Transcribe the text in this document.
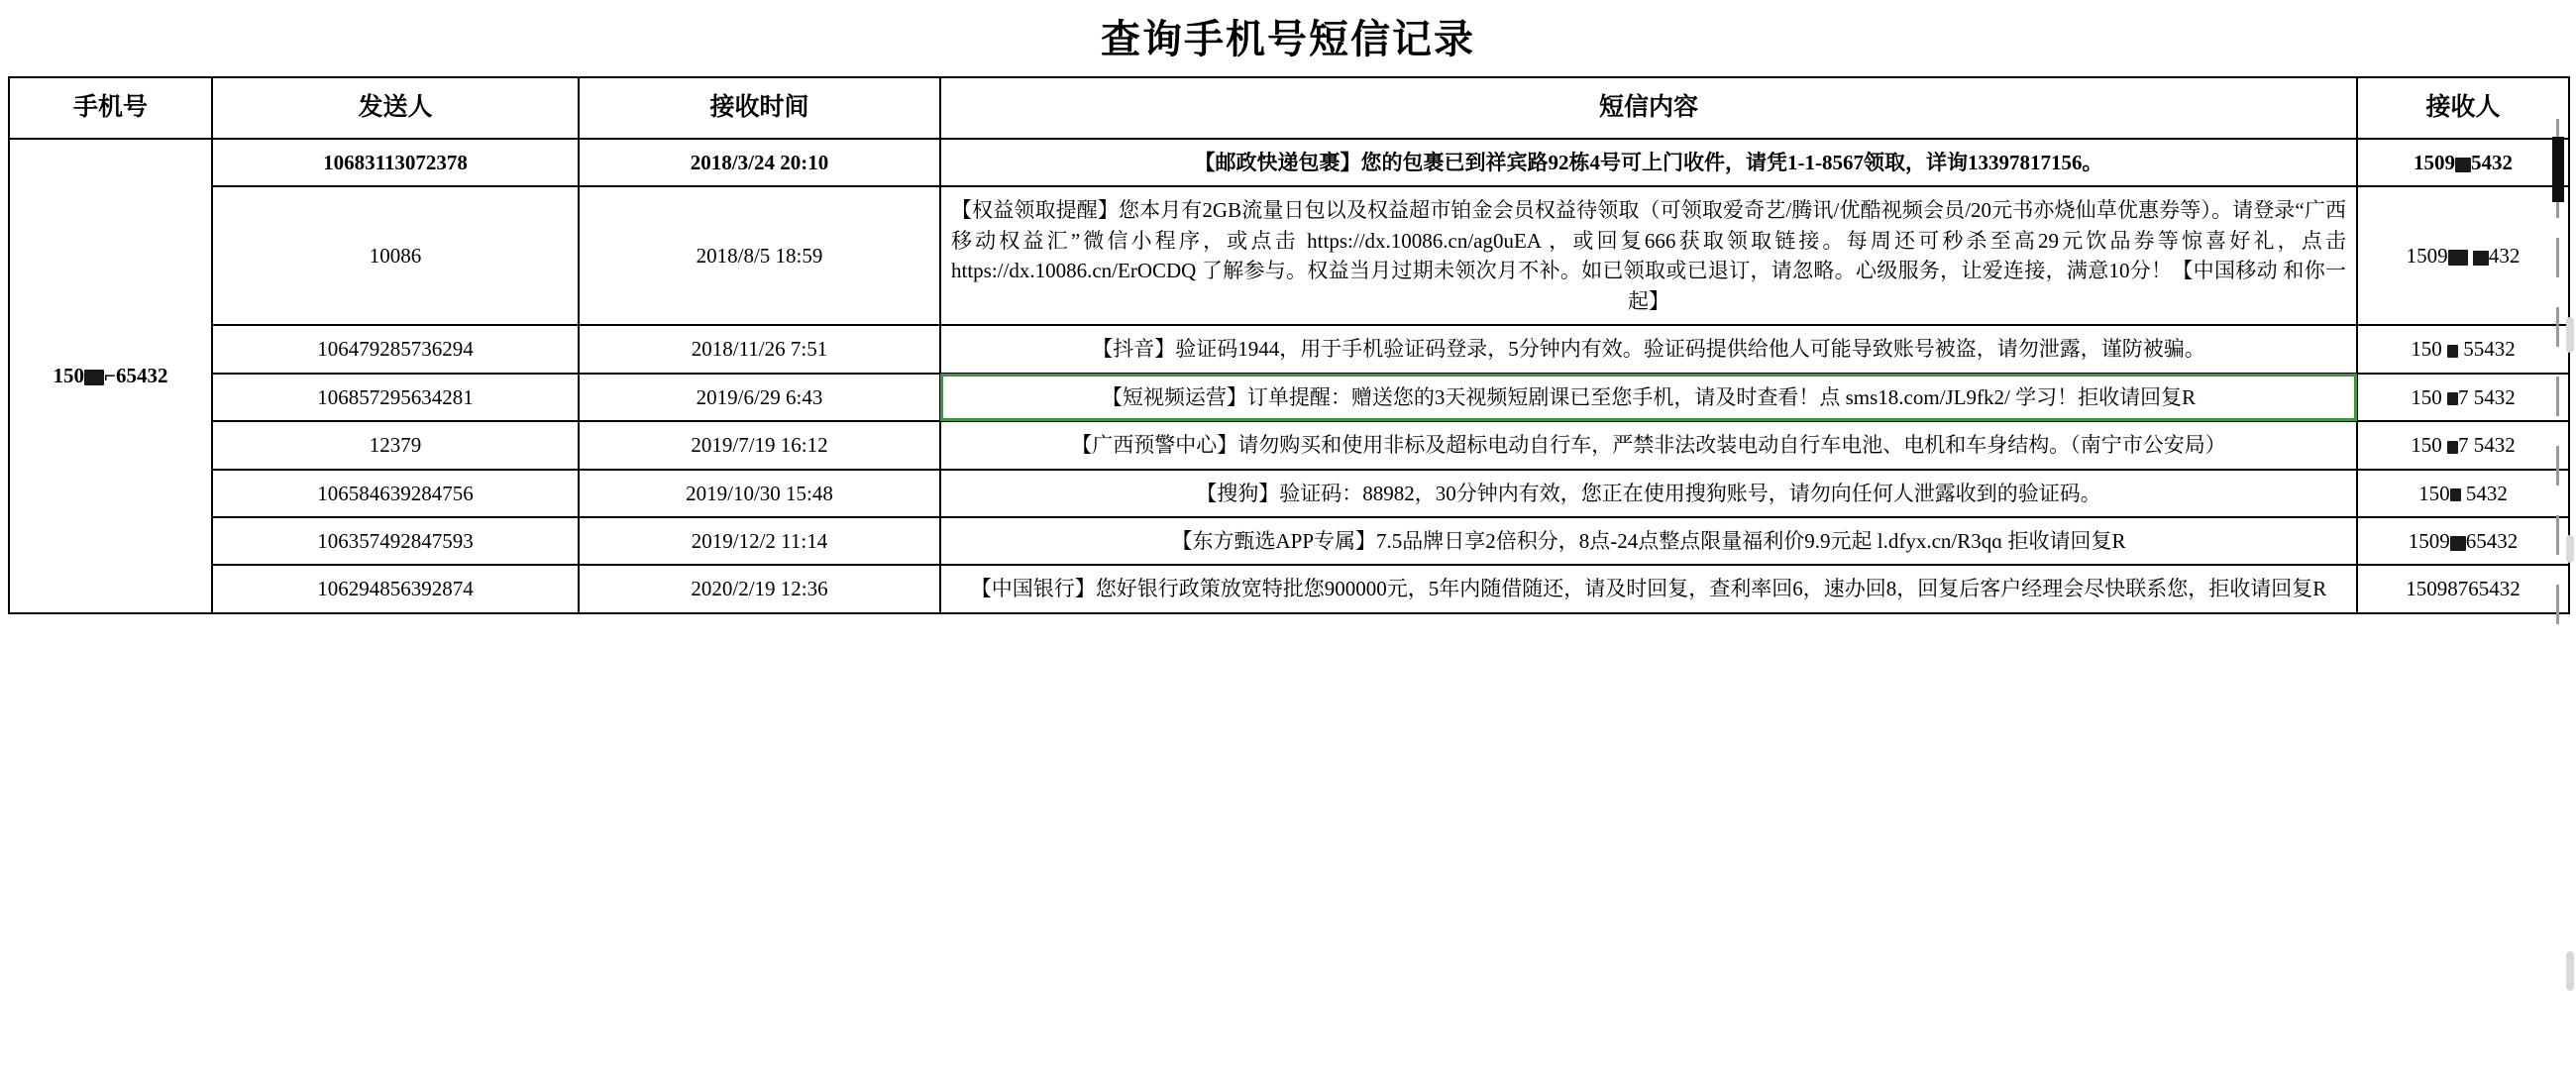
查询手机号短信记录
手机号	发送人	接收时间	短信内容	接收人
150 ⌐65432	10683113072378	2018/3/24 20:10	【邮政快递包裹】您的包裹已到祥宾路92栋4号可上门收件，请凭1-1-8567领取，详询13397817156。	1509 5432
	10086	2018/8/5 18:59	【权益领取提醒】您本月有2GB流量日包以及权益超市铂金会员权益待领取（可领取爱奇艺/腾讯/优酷视频会员/20元书亦烧仙草优惠券等）。请登录“广西移动权益汇”微信小程序，或点击 https://dx.10086.cn/ag0uEA ，或回复666获取领取链接。每周还可秒杀至高29元饮品券等惊喜好礼，点击 https://dx.10086.cn/ErOCDQ 了解参与。权益当月过期未领次月不补。如已领取或已退订，请忽略。心级服务，让爱连接，满意10分！【中国移动 和你一起】	1509 432
	106479285736294	2018/11/26 7:51	【抖音】验证码1944，用于手机验证码登录，5分钟内有效。验证码提供给他人可能导致账号被盗，请勿泄露，谨防被骗。	150 55432
	106857295634281	2019/6/29 6:43	【短视频运营】订单提醒：赠送您的3天视频短剧课已至您手机，请及时查看！点 sms18.com/JL9fk2/ 学习！拒收请回复R	150 7 5432
	12379	2019/7/19 16:12	【广西预警中心】请勿购买和使用非标及超标电动自行车，严禁非法改装电动自行车电池、电机和车身结构。（南宁市公安局）	150 7 5432
	106584639284756	2019/10/30 15:48	【搜狗】验证码：88982，30分钟内有效，您正在使用搜狗账号，请勿向任何人泄露收到的验证码。	150 5432
	106357492847593	2019/12/2 11:14	【东方甄选APP专属】7.5品牌日享2倍积分，8点-24点整点限量福利价9.9元起 l.dfyx.cn/R3qɑ 拒收请回复R	1509 65432
	106294856392874	2020/2/19 12:36	【中国银行】您好银行政策放宽特批您900000元，5年内随借随还，请及时回复，查利率回6，速办回8，回复后客户经理会尽快联系您，拒收请回复R	15098765432
